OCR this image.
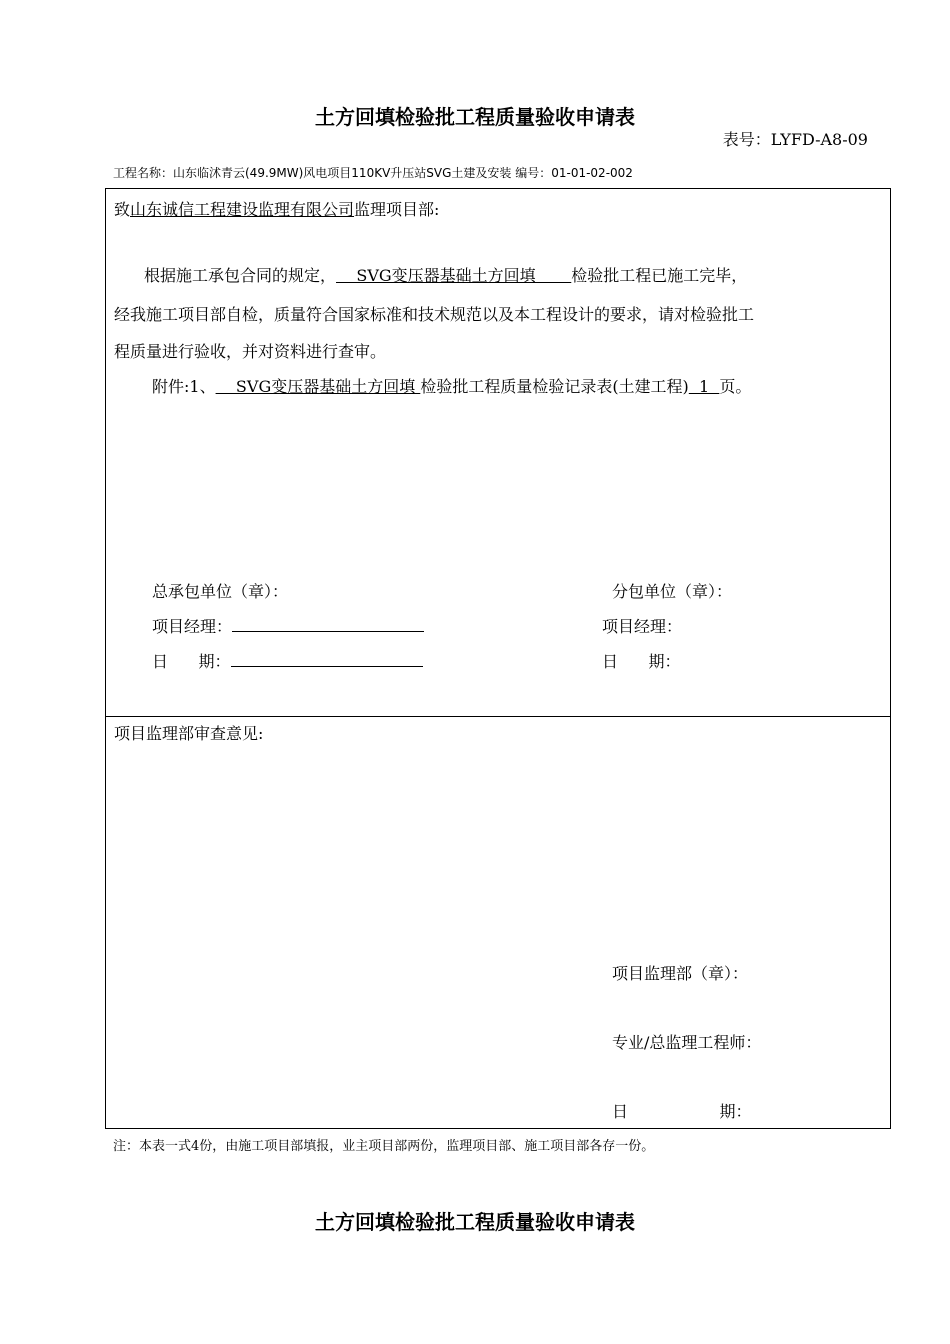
土方回填检验批工程质量验收申请表
表号：LYFD-A8-09
工程名称：山东临沭青云(49.9MW)风电项目110KV升压站SVG土建及安装 编号：01-01-02-002
致山东诚信工程建设监理有限公司监理项目部:
根据施工承包合同的规定，    SVG变压器基础土方回填       检验批工程已施工完毕，
经我施工项目部自检，质量符合国家标准和技术规范以及本工程设计的要求，请对检验批工
程质量进行验收，并对资料进行查审。
附件:1、    SVG变压器基础土方回填 检验批工程质量检验记录表(土建工程)  1  页。
总承包单位（章）：
项目经理：
日      期：
分包单位（章）：
项目经理：
日      期：
项目监理部审查意见:
项目监理部（章）：
专业/总监理工程师：
日                  期：
注：本表一式4份，由施工项目部填报，业主项目部两份，监理项目部、施工项目部各存一份。
土方回填检验批工程质量验收申请表
